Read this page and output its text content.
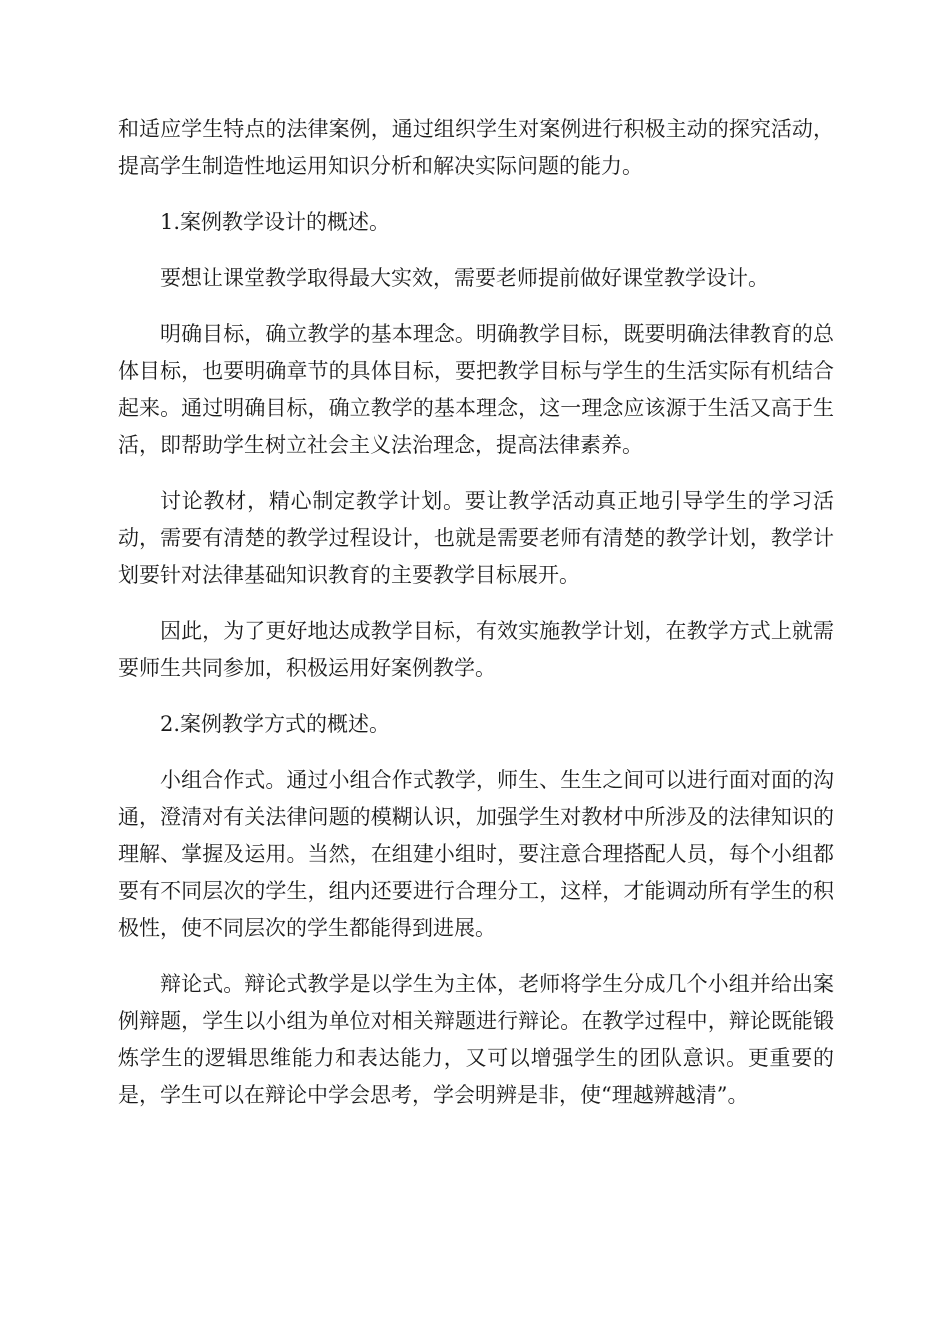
和适应学生特点的法律案例，通过组织学生对案例进行积极主动的探究活动，提高学生制造性地运用知识分析和解决实际问题的能力。

1.案例教学设计的概述。

要想让课堂教学取得最大实效，需要老师提前做好课堂教学设计。

明确目标，确立教学的基本理念。明确教学目标，既要明确法律教育的总体目标，也要明确章节的具体目标，要把教学目标与学生的生活实际有机结合起来。通过明确目标，确立教学的基本理念，这一理念应该源于生活又高于生活，即帮助学生树立社会主义法治理念，提高法律素养。

讨论教材，精心制定教学计划。要让教学活动真正地引导学生的学习活动，需要有清楚的教学过程设计，也就是需要老师有清楚的教学计划，教学计划要针对法律基础知识教育的主要教学目标展开。

因此，为了更好地达成教学目标，有效实施教学计划，在教学方式上就需要师生共同参加，积极运用好案例教学。

2.案例教学方式的概述。

小组合作式。通过小组合作式教学，师生、生生之间可以进行面对面的沟通，澄清对有关法律问题的模糊认识，加强学生对教材中所涉及的法律知识的理解、掌握及运用。当然，在组建小组时，要注意合理搭配人员，每个小组都要有不同层次的学生，组内还要进行合理分工，这样，才能调动所有学生的积极性，使不同层次的学生都能得到进展。

辩论式。辩论式教学是以学生为主体，老师将学生分成几个小组并给出案例辩题，学生以小组为单位对相关辩题进行辩论。在教学过程中，辩论既能锻炼学生的逻辑思维能力和表达能力，又可以增强学生的团队意识。更重要的是，学生可以在辩论中学会思考，学会明辨是非，使“理越辨越清”。
